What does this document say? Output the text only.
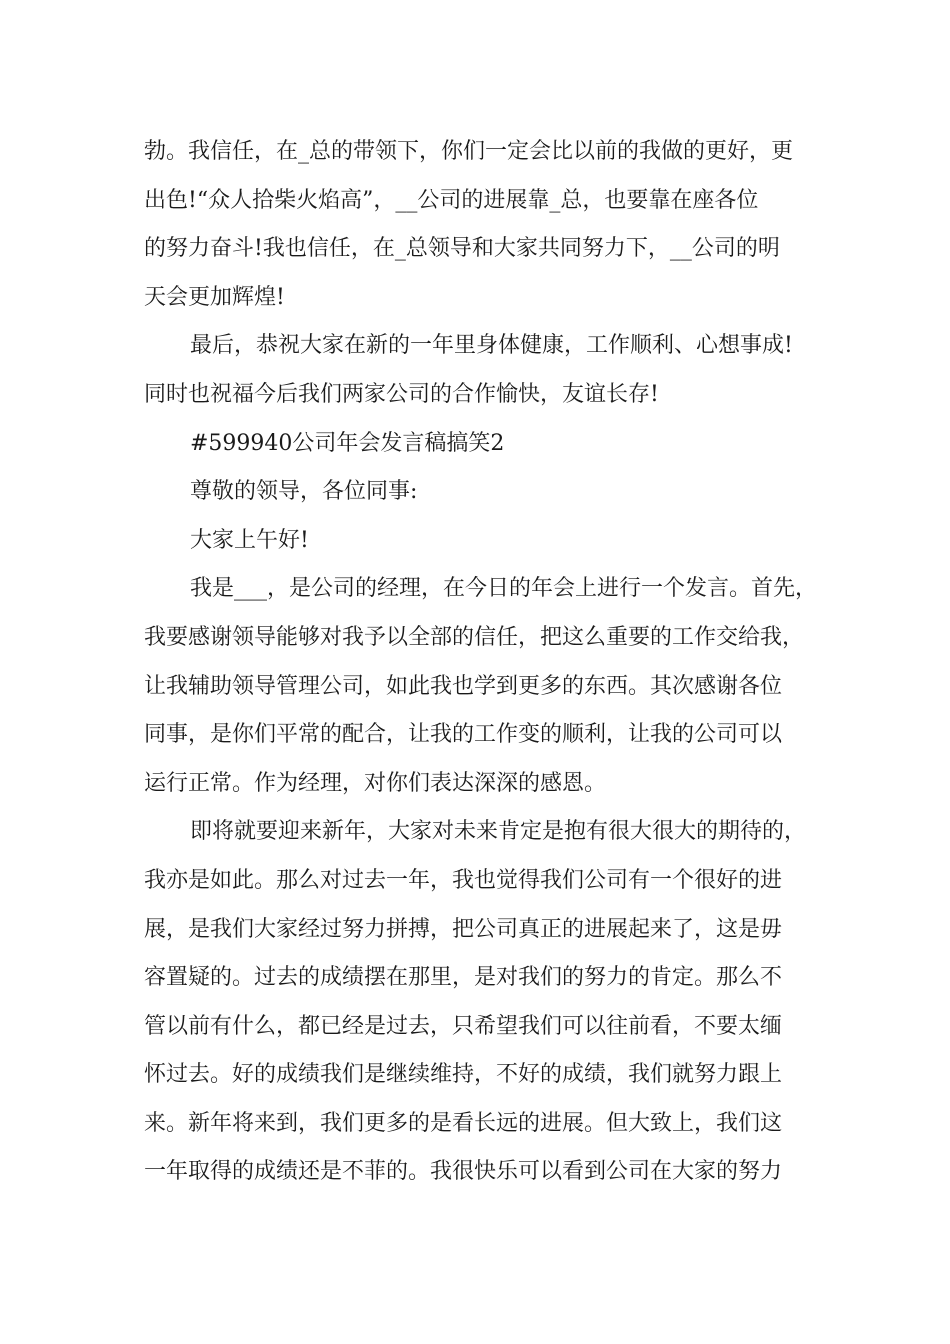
勃。我信任，在_总的带领下，你们一定会比以前的我做的更好，更
出色!“众人拾柴火焰高”，__公司的进展靠_总，也要靠在座各位
的努力奋斗!我也信任，在_总领导和大家共同努力下，__公司的明
天会更加辉煌!

最后，恭祝大家在新的一年里身体健康，工作顺利、心想事成!
同时也祝福今后我们两家公司的合作愉快，友谊长存!

#599940公司年会发言稿搞笑2

尊敬的领导，各位同事:

大家上午好!

我是___，是公司的经理，在今日的年会上进行一个发言。首先，
我要感谢领导能够对我予以全部的信任，把这么重要的工作交给我，
让我辅助领导管理公司，如此我也学到更多的东西。其次感谢各位
同事，是你们平常的配合，让我的工作变的顺利，让我的公司可以
运行正常。作为经理，对你们表达深深的感恩。

即将就要迎来新年，大家对未来肯定是抱有很大很大的期待的，
我亦是如此。那么对过去一年，我也觉得我们公司有一个很好的进
展，是我们大家经过努力拼搏，把公司真正的进展起来了，这是毋
容置疑的。过去的成绩摆在那里，是对我们的努力的肯定。那么不
管以前有什么，都已经是过去，只希望我们可以往前看，不要太缅
怀过去。好的成绩我们是继续维持，不好的成绩，我们就努力跟上
来。新年将来到，我们更多的是看长远的进展。但大致上，我们这
一年取得的成绩还是不菲的。我很快乐可以看到公司在大家的努力
